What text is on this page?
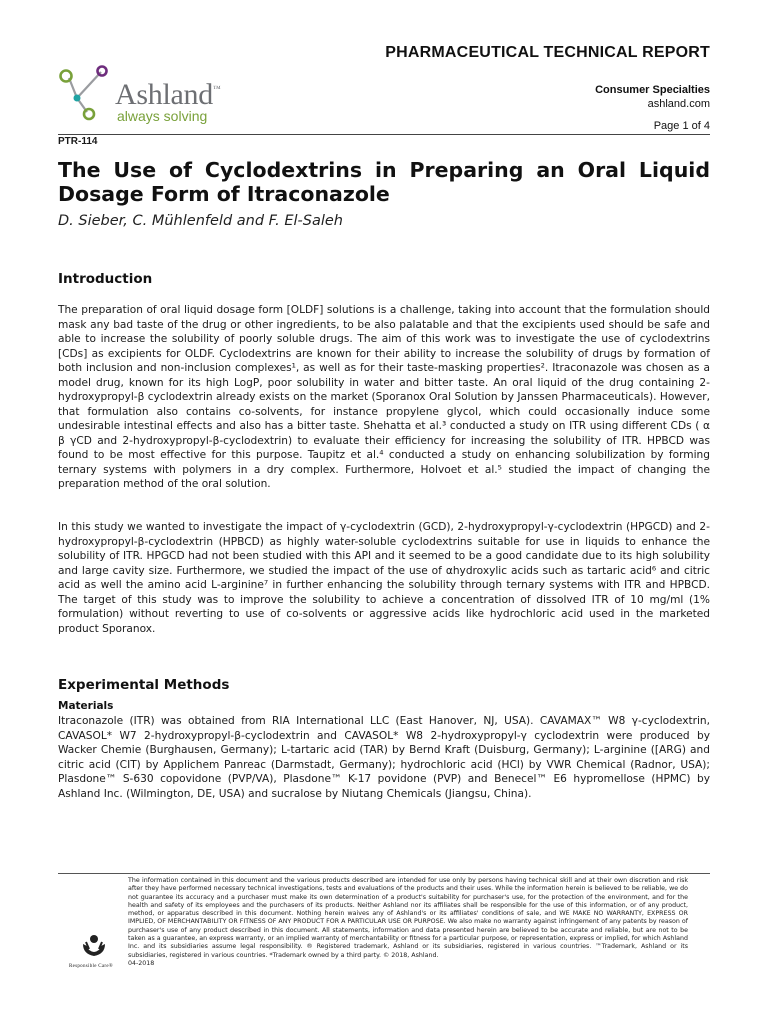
PHARMACEUTICAL TECHNICAL REPORT
Ashland™
always solving
Consumer Specialties
ashland.com
Page 1 of 4
PTR-114
The Use of Cyclodextrins in Preparing an Oral Liquid Dosage Form of Itraconazole
D. Sieber, C. Mühlenfeld and F. El-Saleh
Introduction

The preparation of oral liquid dosage form [OLDF] solutions is a challenge, taking into account that the formulation should mask any bad taste of the drug or other ingredients, to be also palatable and that the excipients used should be safe and able to increase the solubility of poorly soluble drugs. The aim of this work was to investigate the use of cyclodextrins [CDs] as excipients for OLDF. Cyclodextrins are known for their ability to increase the solubility of drugs by formation of both inclusion and non-inclusion complexes¹, as well as for their taste-masking properties². Itraconazole was chosen as a model drug, known for its high LogP, poor solubility in water and bitter taste. An oral liquid of the drug containing 2-hydroxypropyl-β cyclodextrin already exists on the market (Sporanox Oral Solution by Janssen Pharmaceuticals). However, that formulation also contains co-solvents, for instance propylene glycol, which could occasionally induce some undesirable intestinal effects and also has a bitter taste. Shehatta et al.³ conducted a study on ITR using different CDs ( α β γCD and 2-hydroxypropyl-β-cyclodextrin) to evaluate their efficiency for increasing the solubility of ITR. HPBCD was found to be most effective for this purpose. Taupitz et al.⁴ conducted a study on enhancing solubilization by forming ternary systems with polymers in a dry complex. Furthermore, Holvoet et al.⁵ studied the impact of changing the preparation method of the oral solution.

In this study we wanted to investigate the impact of γ-cyclodextrin (GCD), 2-hydroxypropyl-γ-cyclodextrin (HPGCD) and 2-hydroxypropyl-β-cyclodextrin (HPBCD) as highly water-soluble cyclodextrins suitable for use in liquids to enhance the solubility of ITR. HPGCD had not been studied with this API and it seemed to be a good candidate due to its high solubility and large cavity size. Furthermore, we studied the impact of the use of αhydroxylic acids such as tartaric acid⁶ and citric acid as well the amino acid L-arginine⁷ in further enhancing the solubility through ternary systems with ITR and HPBCD. The target of this study was to improve the solubility to achieve a concentration of dissolved ITR of 10 mg/ml (1% formulation) without reverting to use of co-solvents or aggressive acids like hydrochloric acid used in the marketed product Sporanox.

Experimental Methods
Materials

Itraconazole (ITR) was obtained from RIA International LLC (East Hanover, NJ, USA). CAVAMAX™ W8 γ-cyclodextrin, CAVASOL* W7 2-hydroxypropyl-β-cyclodextrin and CAVASOL* W8 2-hydroxypropyl-γ cyclodextrin were produced by Wacker Chemie (Burghausen, Germany); L-tartaric acid (TAR) by Bernd Kraft (Duisburg, Germany); L-arginine ([ARG) and citric acid (CIT) by Applichem Panreac (Darmstadt, Germany); hydrochloric acid (HCl) by VWR Chemical (Radnor, USA); Plasdone™ S-630 copovidone (PVP/VA), Plasdone™ K-17 povidone (PVP) and Benecel™ E6 hypromellose (HPMC) by Ashland Inc. (Wilmington, DE, USA) and sucralose by Niutang Chemicals (Jiangsu, China).

Responsible Care®

The information contained in this document and the various products described are intended for use only by persons having technical skill and at their own discretion and risk after they have performed necessary technical investigations, tests and evaluations of the products and their uses. While the information herein is believed to be reliable, we do not guarantee its accuracy and a purchaser must make its own determination of a product's suitability for purchaser's use, for the protection of the environment, and for the health and safety of its employees and the purchasers of its products. Neither Ashland nor its affiliates shall be responsible for the use of this information, or of any product, method, or apparatus described in this document. Nothing herein waives any of Ashland's or its affiliates' conditions of sale, and WE MAKE NO WARRANTY, EXPRESS OR IMPLIED, OF MERCHANTABILITY OR FITNESS OF ANY PRODUCT FOR A PARTICULAR USE OR PURPOSE. We also make no warranty against infringement of any patents by reason of purchaser's use of any product described in this document. All statements, information and data presented herein are believed to be accurate and reliable, but are not to be taken as a guarantee, an express warranty, or an implied warranty of merchantability or fitness for a particular purpose, or representation, express or implied, for which Ashland Inc. and its subsidiaries assume legal responsibility. ® Registered trademark, Ashland or its subsidiaries, registered in various countries. ™Trademark, Ashland or its subsidiaries, registered in various countries. *Trademark owned by a third party. © 2018, Ashland.
04-2018
